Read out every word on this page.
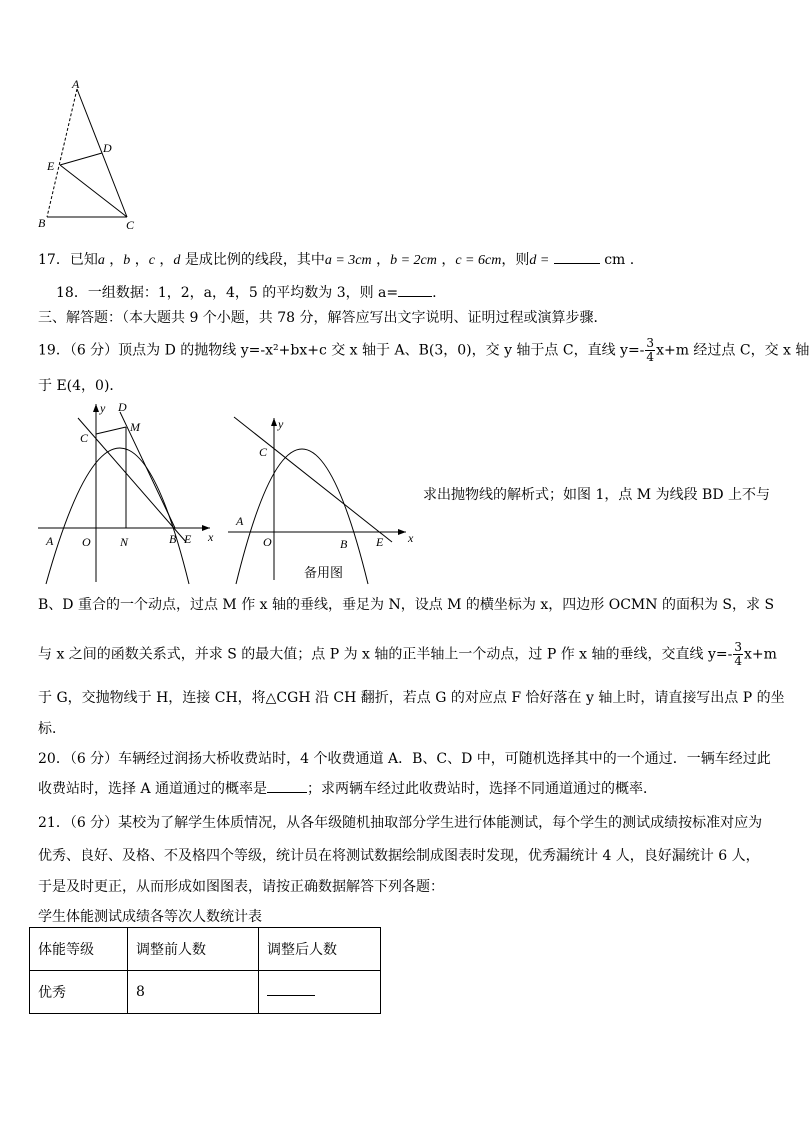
A
D
E
B	C
17．已知a ，b ，c ，d 是成比例的线段，其中a = 3cm ，b = 2cm ，c = 6cm，则d =	cm .
18．一组数据：1，2，a，4，5 的平均数为 3，则 a= .
三、解答题：（本大题共 9 个小题，共 78 分，解答应写出文字说明、证明过程或演算步骤．
19．（6 分）顶点为 D 的抛物线 y=-x²+bx+c 交 x 轴于 A、B(3，0)，交 y 轴于点 C，直线 $y=- \frac{3}{4} x+m$ 经过点 C，交 x 轴
于 E(4，0)．
y D
M
C
A O N	B E x
y
C
A
O	B E x
备用图
求出抛物线的解析式；如图 1，点 M 为线段 BD 上不与
B、D 重合的一个动点，过点 M 作 x 轴的垂线，垂足为 N，设点 M 的横坐标为 x，四边形 OCMN 的面积为 S，求 S
与 x 之间的函数关系式，并求 S 的最大值；点 P 为 x 轴的正半轴上一个动点，过 P 作 x 轴的垂线，交直线 $y=- \frac{3}{4} x+m$
于 G，交抛物线于 H，连接 CH，将△CGH 沿 CH 翻折，若点 G 的对应点 F 恰好落在 y 轴上时，请直接写出点 P 的坐
标．
20．（6 分）车辆经过润扬大桥收费站时，4 个收费通道 A．B、C、D 中，可随机选择其中的一个通过．一辆车经过此
收费站时，选择 A 通道通过的概率是	；求两辆车经过此收费站时，选择不同通道通过的概率．
21．（6 分）某校为了解学生体质情况，从各年级随机抽取部分学生进行体能测试，每个学生的测试成绩按标准对应为
优秀、良好、及格、不及格四个等级，统计员在将测试数据绘制成图表时发现，优秀漏统计 4 人，良好漏统计 6 人，
于是及时更正，从而形成如图图表，请按正确数据解答下列各题：
学生体能测试成绩各等次人数统计表
体能等级	调整前人数	调整后人数
优秀	8	
